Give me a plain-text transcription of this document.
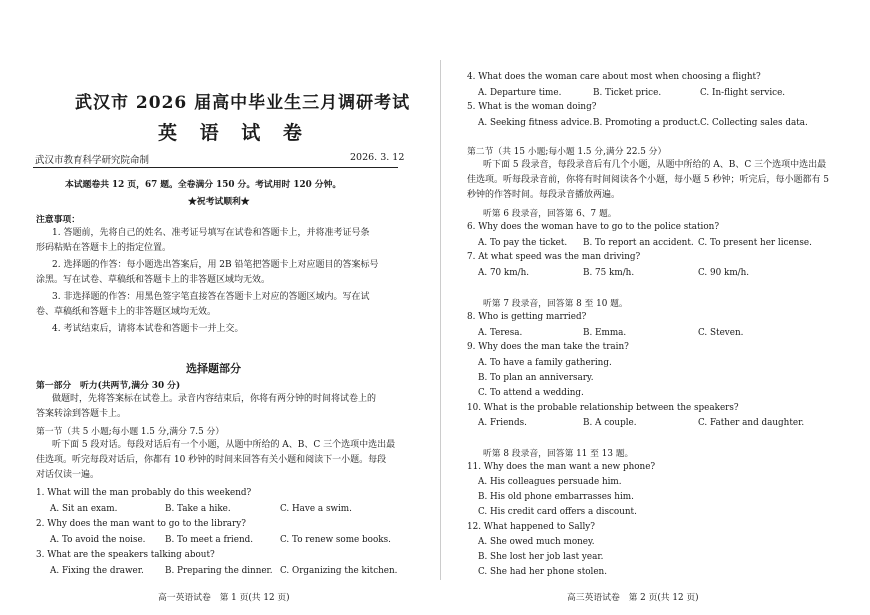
武汉市 2026 届高中毕业生三月调研考试
英 语 试 卷
武汉市教育科学研究院命制	2026. 3. 12
本试题卷共 12 页，67 题。全卷满分 150 分。考试用时 120 分钟。
★祝考试顺利★
注意事项：
1. 答题前，先将自己的姓名、准考证号填写在试卷和答题卡上，并将准考证号条
形码粘贴在答题卡上的指定位置。
2. 选择题的作答：每小题选出答案后，用 2B 铅笔把答题卡上对应题目的答案标号
涂黑。写在试卷、草稿纸和答题卡上的非答题区域均无效。
3. 非选择题的作答：用黑色签字笔直接答在答题卡上对应的答题区域内。写在试
卷、草稿纸和答题卡上的非答题区域均无效。
4. 考试结束后，请将本试卷和答题卡一并上交。
选择题部分
第一部分　听力(共两节,满分 30 分)
做题时，先将答案标在试卷上。录音内容结束后，你将有两分钟的时间将试卷上的
答案转涂到答题卡上。
第一节（共 5 小题;每小题 1.5 分,满分 7.5 分）
听下面 5 段对话。每段对话后有一个小题，从题中所给的 A、B、C 三个选项中选出最
佳选项。听完每段对话后，你都有 10 秒钟的时间来回答有关小题和阅读下一小题。每段
对话仅读一遍。
1. What will the man probably do this weekend?
A. Sit an exam.	B. Take a hike.	C. Have a swim.
2. Why does the man want to go to the library?
A. To avoid the noise. B. To meet a friend.	C. To renew some books.
3. What are the speakers talking about?
A. Fixing the drawer. B. Preparing the dinner. C. Organizing the kitchen.
高一英语试卷　第 1 页(共 12 页)
4. What does the woman care about most when choosing a flight?
A. Departure time.	B. Ticket price.	C. In-flight service.
5. What is the woman doing?
A. Seeking fitness advice. B. Promoting a product. C. Collecting sales data.
第二节（共 15 小题;每小题 1.5 分,满分 22.5 分）
听下面 5 段录音，每段录音后有几个小题，从题中所给的 A、B、C 三个选项中选出最
佳选项。听每段录音前，你将有时间阅读各个小题，每小题 5 秒钟；听完后，每小题都有 5
秒钟的作答时间。每段录音播放两遍。
听第 6 段录音，回答第 6、7 题。
6. Why does the woman have to go to the police station?
A. To pay the ticket. B. To report an accident. C. To present her license.
7. At what speed was the man driving?
A. 70 km/h.	B. 75 km/h.	C. 90 km/h.
听第 7 段录音，回答第 8 至 10 题。
8. Who is getting married?
A. Teresa.	B. Emma.	C. Steven.
9. Why does the man take the train?
A. To have a family gathering.
B. To plan an anniversary.
C. To attend a wedding.
10. What is the probable relationship between the speakers?
A. Friends.	B. A couple.	C. Father and daughter.
听第 8 段录音，回答第 11 至 13 题。
11. Why does the man want a new phone?
A. His colleagues persuade him.
B. His old phone embarrasses him.
C. His credit card offers a discount.
12. What happened to Sally?
A. She owed much money.
B. She lost her job last year.
C. She had her phone stolen.
高三英语试卷　第 2 页(共 12 页)
